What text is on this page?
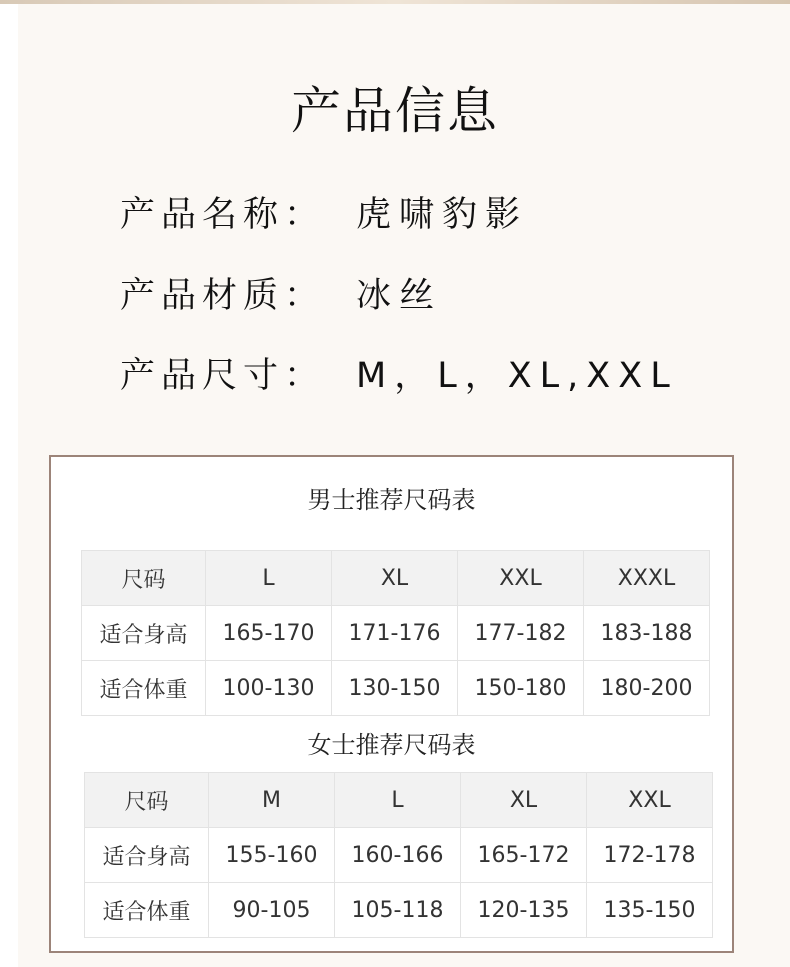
产品信息
产品名称： 虎啸豹影
产品材质： 冰丝
产品尺寸： M，L，XL,XXL
男士推荐尺码表
尺码	L	XL	XXL	XXXL
适合身高	165-170	171-176	177-182	183-188
适合体重	100-130	130-150	150-180	180-200
女士推荐尺码表
尺码	M	L	XL	XXL
适合身高	155-160	160-166	165-172	172-178
适合体重	90-105	105-118	120-135	135-150
